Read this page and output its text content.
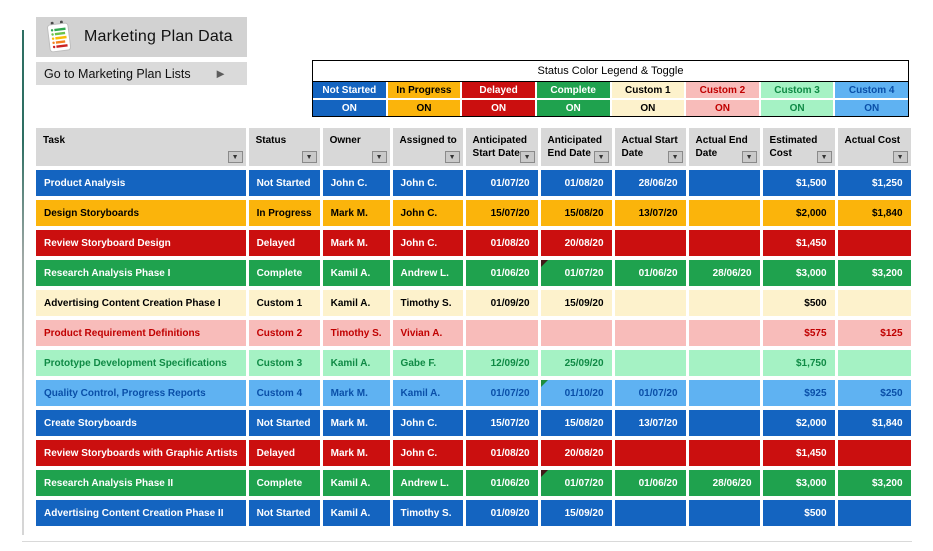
Marketing Plan Data
Go to Marketing Plan Lists ►	Status Color Legend & Toggle
Not Started	In Progress	Delayed	Complete	Custom 1	Custom 2	Custom 3	Custom 4
ON	ON	ON	ON	ON	ON	ON	ON
Task
▼	Status
▼	Owner
▼	Assigned to
▼	Anticipated Start Date ▼	Anticipated End Date ▼	Actual Start Date ▼	Actual End Date ▼	Estimated Cost ▼	Actual Cost
▼

Product Analysis	Not Started	John C.	John C.	01/07/20	01/08/20	28/06/20		$1,500	$1,250
Design Storyboards	In Progress	Mark M.	John C.	15/07/20	15/08/20	13/07/20		$2,000	$1,840
Review Storyboard Design	Delayed	Mark M.	John C.	01/08/20	20/08/20			$1,450	
Research Analysis Phase I	Complete	Kamil A.	Andrew L.	01/06/20	01/07/20	01/06/20	28/06/20	$3,000	$3,200
Advertising Content Creation Phase I	Custom 1	Kamil A.	Timothy S.	01/09/20	15/09/20			$500	
Product Requirement Definitions	Custom 2	Timothy S.	Vivian A.					$575	$125
Prototype Development Specifications	Custom 3	Kamil A.	Gabe F.	12/09/20	25/09/20			$1,750	
Quality Control, Progress Reports	Custom 4	Mark M.	Kamil A.	01/07/20	01/10/20	01/07/20		$925	$250
Create Storyboards	Not Started	Mark M.	John C.	15/07/20	15/08/20	13/07/20		$2,000	$1,840
Review Storyboards with Graphic Artists	Delayed	Mark M.	John C.	01/08/20	20/08/20			$1,450	
Research Analysis Phase II	Complete	Kamil A.	Andrew L.	01/06/20	01/07/20	01/06/20	28/06/20	$3,000	$3,200
Advertising Content Creation Phase II	Not Started	Kamil A.	Timothy S.	01/09/20	15/09/20			$500	
